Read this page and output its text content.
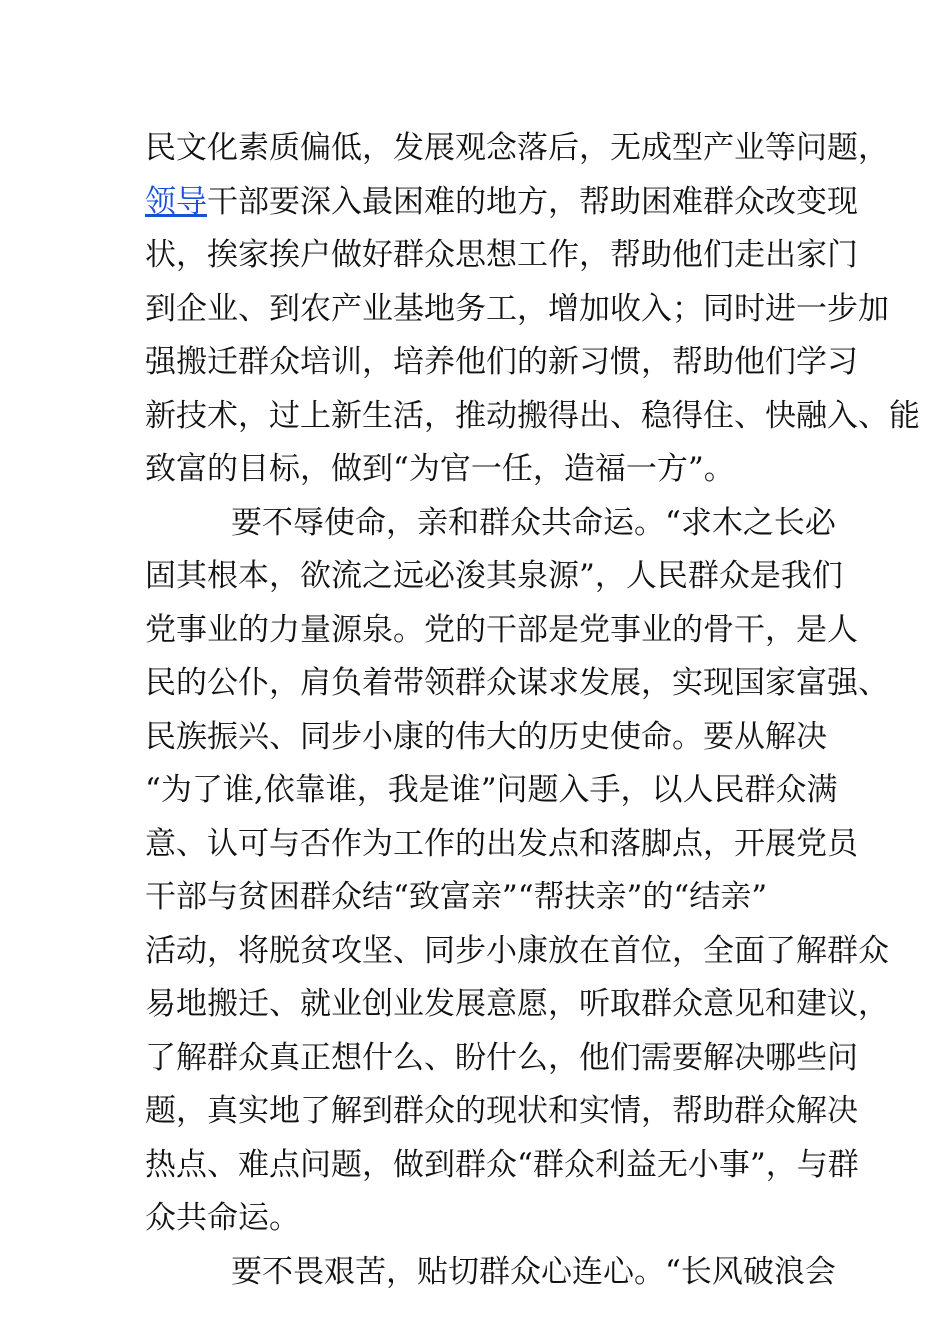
民文化素质偏低，发展观念落后，无成型产业等问题，
领导干部要深入最困难的地方，帮助困难群众改变现
状，挨家挨户做好群众思想工作，帮助他们走出家门
到企业、到农产业基地务工，增加收入；同时进一步加
强搬迁群众培训，培养他们的新习惯，帮助他们学习
新技术，过上新生活，推动搬得出、稳得住、快融入、能
致富的目标，做到“为官一任，造福一方”。
要不辱使命，亲和群众共命运。“求木之长必
固其根本，欲流之远必浚其泉源”，人民群众是我们
党事业的力量源泉。党的干部是党事业的骨干，是人
民的公仆，肩负着带领群众谋求发展，实现国家富强、
民族振兴、同步小康的伟大的历史使命。要从解决
“为了谁,依靠谁，我是谁”问题入手，以人民群众满
意、认可与否作为工作的出发点和落脚点，开展党员
干部与贫困群众结“致富亲”“帮扶亲”的“结亲”
活动，将脱贫攻坚、同步小康放在首位，全面了解群众
易地搬迁、就业创业发展意愿，听取群众意见和建议，
了解群众真正想什么、盼什么，他们需要解决哪些问
题，真实地了解到群众的现状和实情，帮助群众解决
热点、难点问题，做到群众“群众利益无小事”，与群
众共命运。
要不畏艰苦，贴切群众心连心。“长风破浪会
